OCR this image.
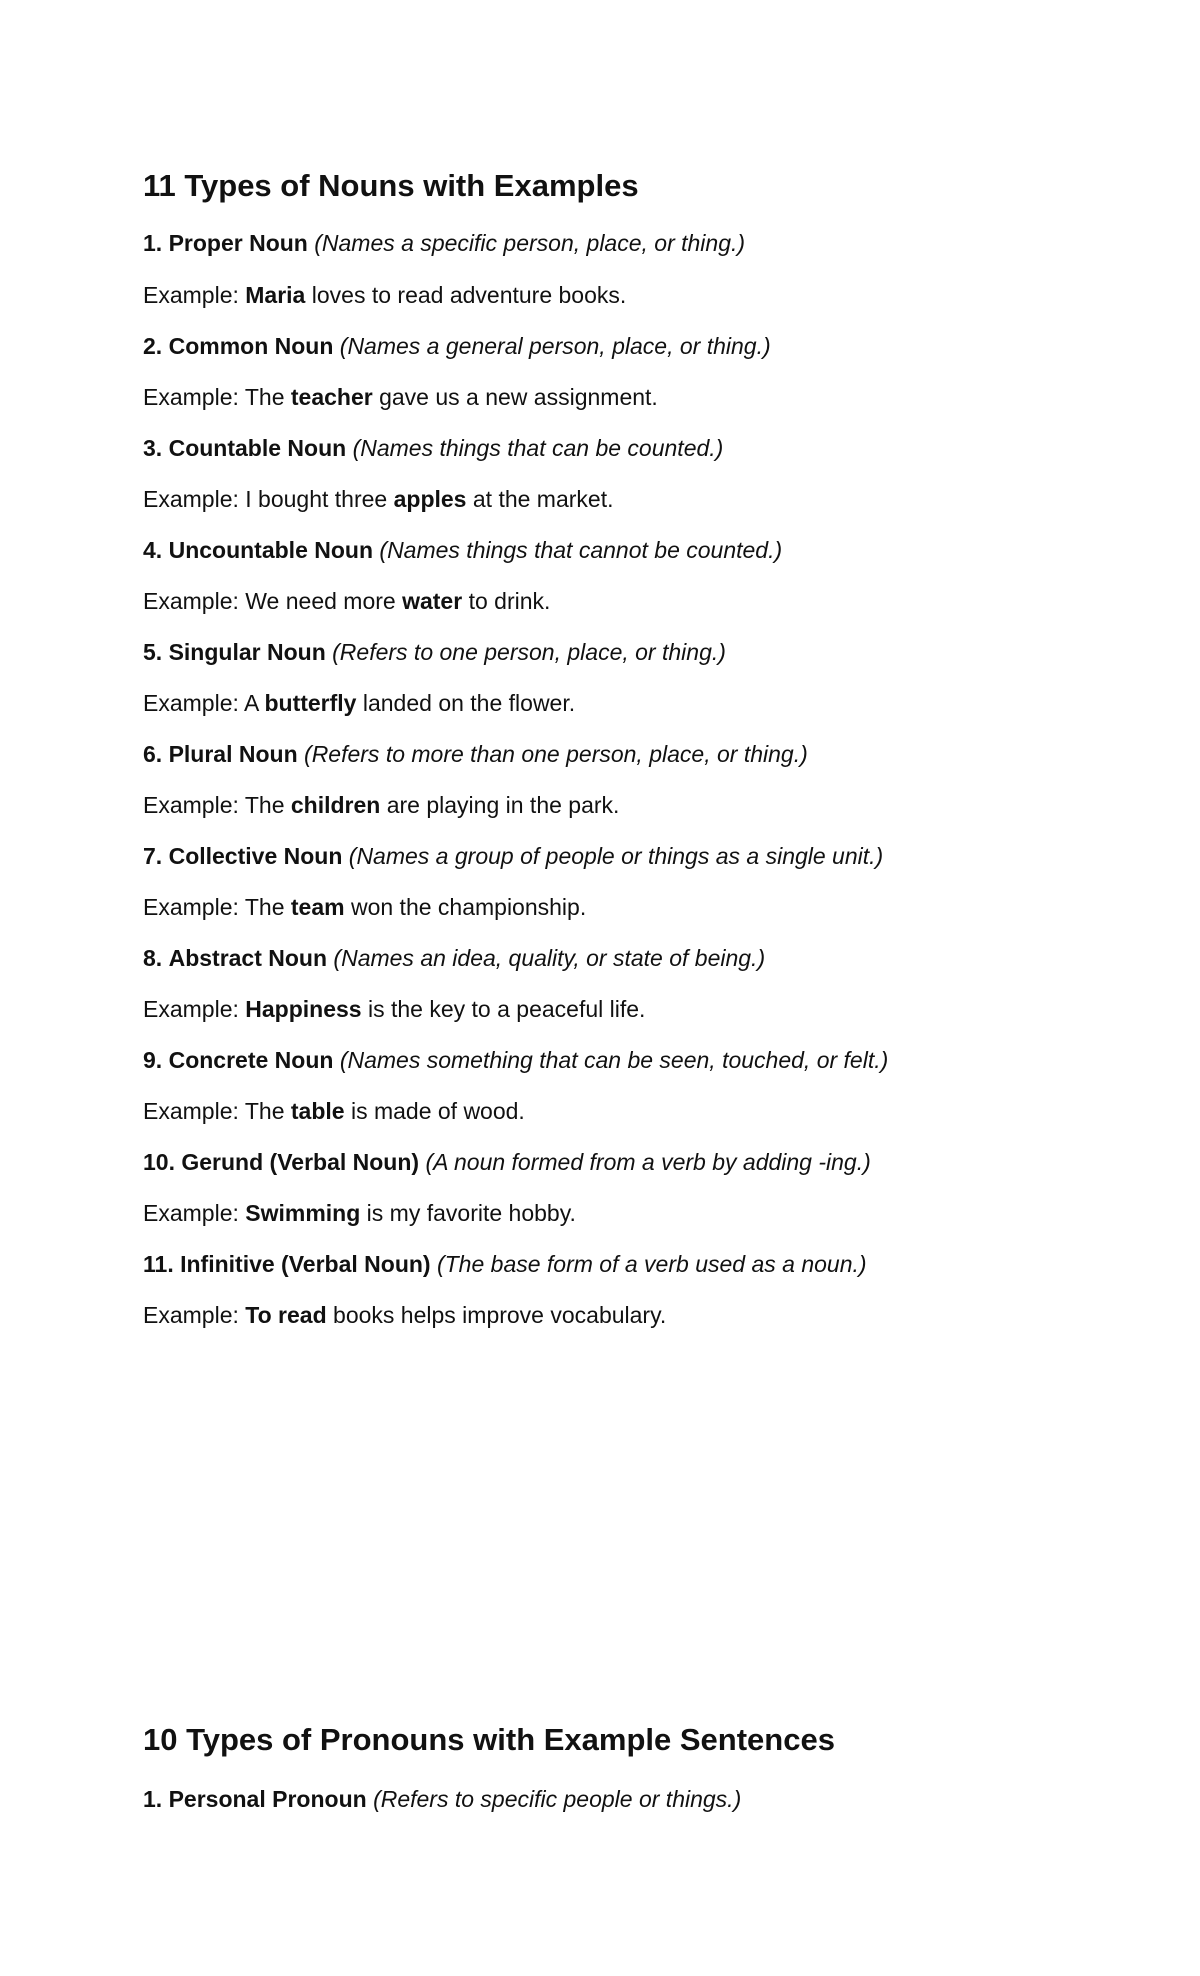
11 Types of Nouns with Examples

1. Proper Noun (Names a specific person, place, or thing.)

Example: Maria loves to read adventure books.

2. Common Noun (Names a general person, place, or thing.)

Example: The teacher gave us a new assignment.

3. Countable Noun (Names things that can be counted.)

Example: I bought three apples at the market.

4. Uncountable Noun (Names things that cannot be counted.)

Example: We need more water to drink.

5. Singular Noun (Refers to one person, place, or thing.)

Example: A butterfly landed on the flower.

6. Plural Noun (Refers to more than one person, place, or thing.)

Example: The children are playing in the park.

7. Collective Noun (Names a group of people or things as a single unit.)

Example: The team won the championship.

8. Abstract Noun (Names an idea, quality, or state of being.)

Example: Happiness is the key to a peaceful life.

9. Concrete Noun (Names something that can be seen, touched, or felt.)

Example: The table is made of wood.

10. Gerund (Verbal Noun) (A noun formed from a verb by adding -ing.)

Example: Swimming is my favorite hobby.

11. Infinitive (Verbal Noun) (The base form of a verb used as a noun.)

Example: To read books helps improve vocabulary.

10 Types of Pronouns with Example Sentences

1. Personal Pronoun (Refers to specific people or things.)
